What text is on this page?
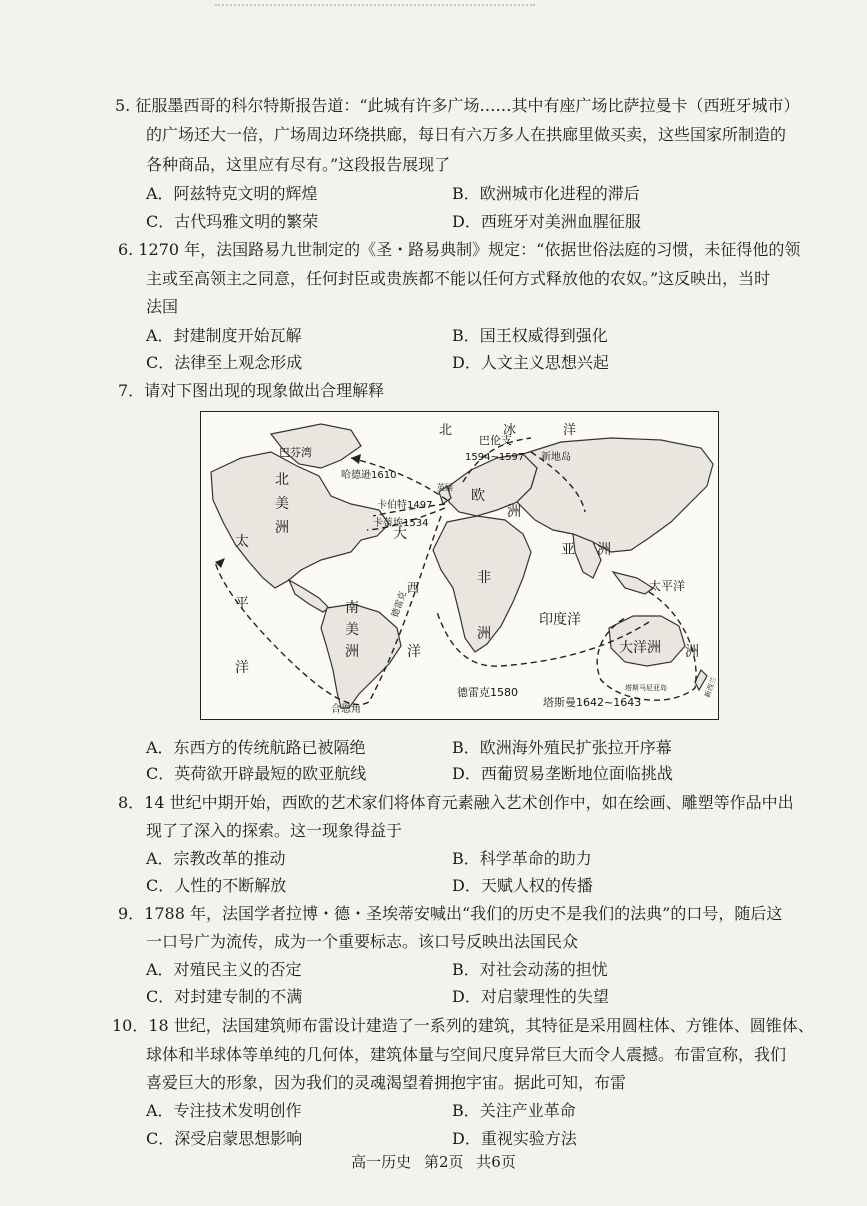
5. 征服墨西哥的科尔特斯报告道：“此城有许多广场……其中有座广场比萨拉曼卡（西班牙城市）
的广场还大一倍，广场周边环绕拱廊，每日有六万多人在拱廊里做买卖，这些国家所制造的
各种商品，这里应有尽有。”这段报告展现了
A．阿兹特克文明的辉煌	B．欧洲城市化进程的滞后
C．古代玛雅文明的繁荣	D．西班牙对美洲血腥征服
6. 1270 年，法国路易九世制定的《圣・路易典制》规定：“依据世俗法庭的习惯，未征得他的领
主或至高领主之同意，任何封臣或贵族都不能以任何方式释放他的农奴。”这反映出，当时
法国
A．封建制度开始瓦解	B．国王权威得到强化
C．法律至上观念形成	D．人文主义思想兴起
7．请对下图出现的现象做出合理解释
北	冰	洋
巴芬湾
巴伦支
1594~1597 新地岛
哈德逊1610
卡伯特1497
卡蒂埃1534
北
美
洲
欧
洲
英国
亚 洲
非
洲
南
美
洲
太
平
洋
太平洋
大
西
洋
印度洋
大洋洲 洲
德雷克
德雷克1580
塔斯曼1642~1643
塔斯马尼亚岛
合恩角
新西兰
A．东西方的传统航路已被隔绝	B．欧洲海外殖民扩张拉开序幕
C．英荷欲开辟最短的欧亚航线	D．西葡贸易垄断地位面临挑战
8．14 世纪中期开始，西欧的艺术家们将体育元素融入艺术创作中，如在绘画、雕塑等作品中出
现了了深入的探索。这一现象得益于
A．宗教改革的推动	B．科学革命的助力
C．人性的不断解放	D．天赋人权的传播
9．1788 年，法国学者拉博・德・圣埃蒂安喊出“我们的历史不是我们的法典”的口号，随后这
一口号广为流传，成为一个重要标志。该口号反映出法国民众
A．对殖民主义的否定	B．对社会动荡的担忧
C．对封建专制的不满	D．对启蒙理性的失望
10．18 世纪，法国建筑师布雷设计建造了一系列的建筑，其特征是采用圆柱体、方锥体、圆锥体、
球体和半球体等单纯的几何体，建筑体量与空间尺度异常巨大而令人震撼。布雷宣称，我们
喜爱巨大的形象，因为我们的灵魂渴望着拥抱宇宙。据此可知，布雷
A．专注技术发明创作	B．关注产业革命
C．深受启蒙思想影响	D．重视实验方法
高一历史 第2页 共6页
